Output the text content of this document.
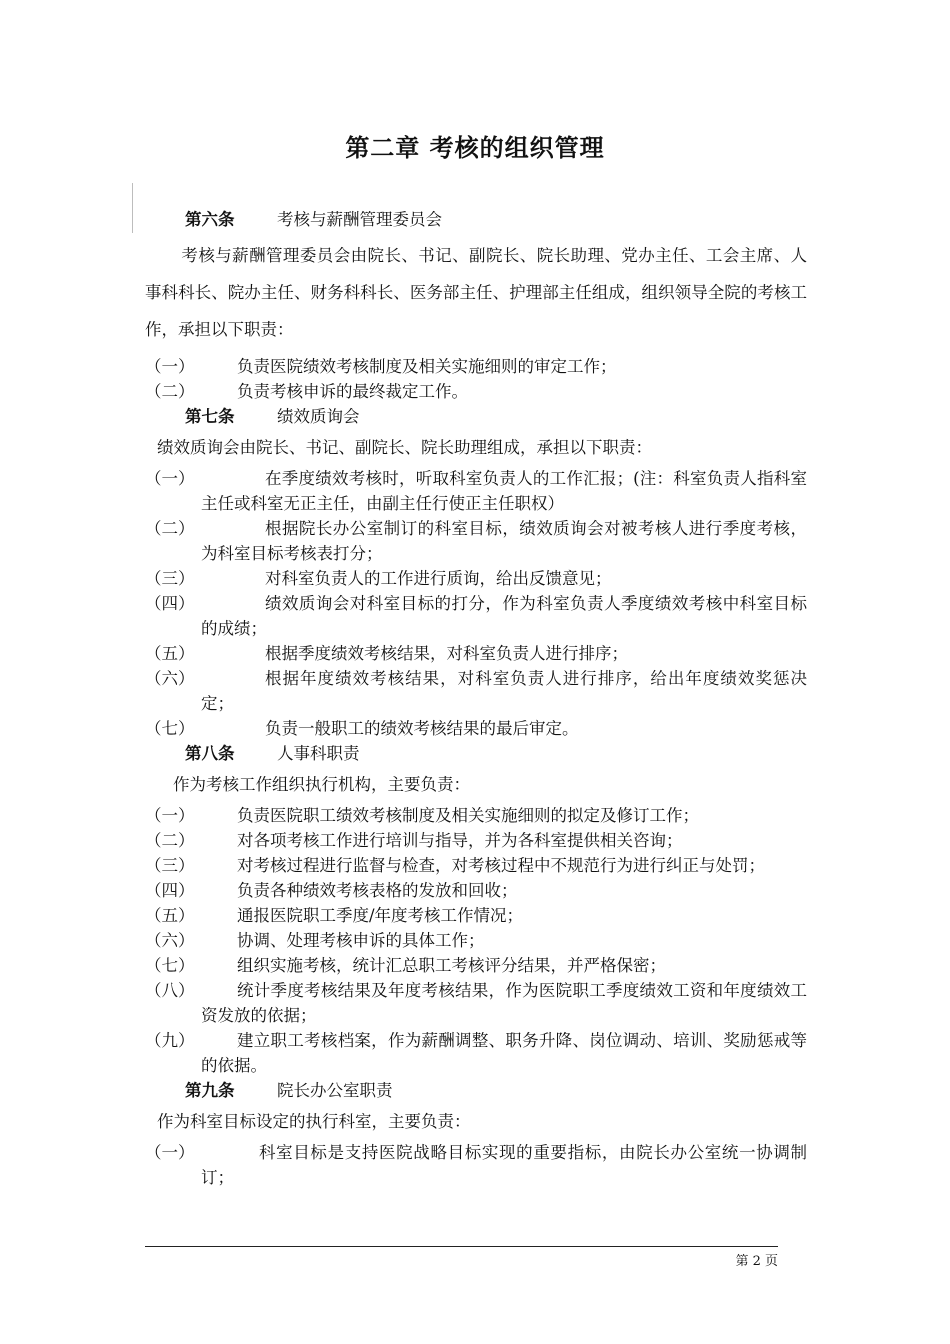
第二章 考核的组织管理
第六条	考核与薪酬管理委员会
考核与薪酬管理委员会由院长、书记、副院长、院长助理、党办主任、工会主席、人事科科长、院办主任、财务科科长、医务部主任、护理部主任组成，组织领导全院的考核工作，承担以下职责：
（一）	负责医院绩效考核制度及相关实施细则的审定工作；
（二）	负责考核申诉的最终裁定工作。
第七条	绩效质询会
绩效质询会由院长、书记、副院长、院长助理组成，承担以下职责：
（一）	在季度绩效考核时，听取科室负责人的工作汇报；(注：科室负责人指科室主任或科室无正主任，由副主任行使正主任职权）
（二）	根据院长办公室制订的科室目标，绩效质询会对被考核人进行季度考核，为科室目标考核表打分；
（三）	对科室负责人的工作进行质询，给出反馈意见；
（四）	绩效质询会对科室目标的打分，作为科室负责人季度绩效考核中科室目标的成绩；
（五）	根据季度绩效考核结果，对科室负责人进行排序；
（六）	根据年度绩效考核结果，对科室负责人进行排序，给出年度绩效奖惩决定；
（七）	负责一般职工的绩效考核结果的最后审定。
第八条	人事科职责
作为考核工作组织执行机构，主要负责：
（一）	负责医院职工绩效考核制度及相关实施细则的拟定及修订工作；
（二）	对各项考核工作进行培训与指导，并为各科室提供相关咨询；
（三）	对考核过程进行监督与检查，对考核过程中不规范行为进行纠正与处罚；
（四）	负责各种绩效考核表格的发放和回收；
（五）	通报医院职工季度/年度考核工作情况；
（六）	协调、处理考核申诉的具体工作；
（七）	组织实施考核，统计汇总职工考核评分结果，并严格保密；
（八）	统计季度考核结果及年度考核结果，作为医院职工季度绩效工资和年度绩效工资发放的依据；
（九）	建立职工考核档案，作为薪酬调整、职务升降、岗位调动、培训、奖励惩戒等的依据。
第九条	院长办公室职责
作为科室目标设定的执行科室，主要负责：
（一）	科室目标是支持医院战略目标实现的重要指标，由院长办公室统一协调制订；
第 2 页
